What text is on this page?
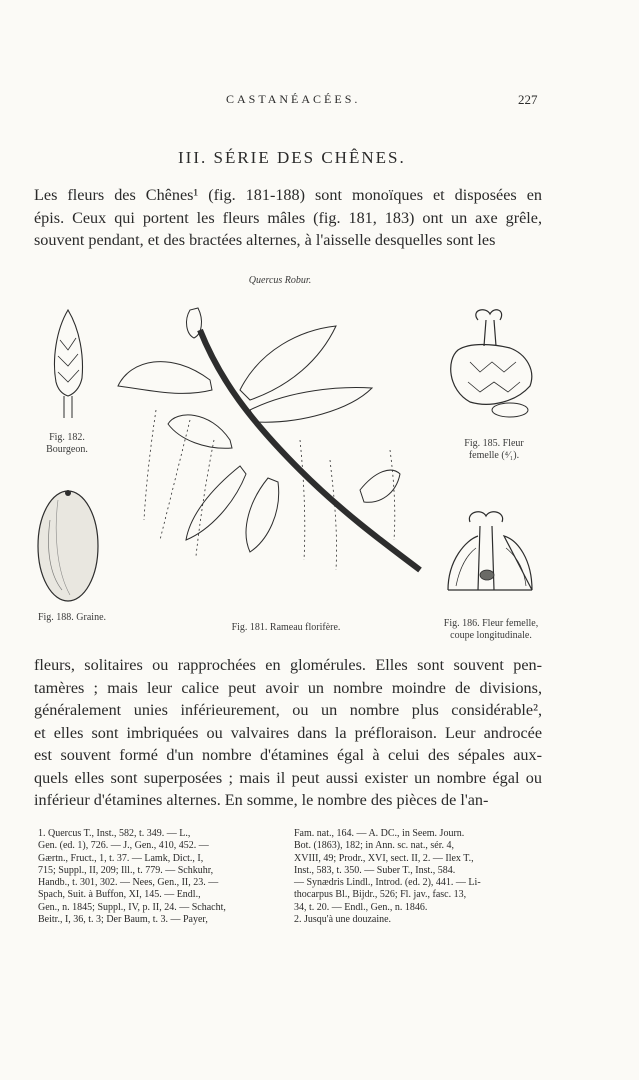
CASTANÉACÉES.	227
III. SÉRIE DES CHÊNES.
Les fleurs des Chênes¹ (fig. 181-188) sont monoïques et disposées en
épis. Ceux qui portent les fleurs mâles (fig. 181, 183) ont un axe grêle,
souvent pendant, et des bractées alternes, à l'aisselle desquelles sont les
Quercus Robur.
Fig. 182.
Bourgeon.
Fig. 185. Fleur
femelle (⁴⁄₁).
Fig. 188. Graine.
Fig. 181. Rameau florifère.	Fig. 186. Fleur femelle,
coupe longitudinale.
fleurs, solitaires ou rapprochées en glomérules. Elles sont souvent pen-
tamères ; mais leur calice peut avoir un nombre moindre de divisions,
généralement unies inférieurement, ou un nombre plus considérable²,
et elles sont imbriquées ou valvaires dans la préfloraison. Leur androcée
est souvent formé d'un nombre d'étamines égal à celui des sépales aux-
quels elles sont superposées ; mais il peut aussi exister un nombre égal ou
inférieur d'étamines alternes. En somme, le nombre des pièces de l'an-
1. Quercus T., Inst., 582, t. 349. — L.,
Gen. (ed. 1), 726. — J., Gen., 410, 452. —
Gærtn., Fruct., 1, t. 37. — Lamk, Dict., I,
715; Suppl., II, 209; Ill., t. 779. — Schkuhr,
Handb., t. 301, 302. — Nees, Gen., II, 23. —
Spach, Suit. à Buffon, XI, 145. — Endl.,
Gen., n. 1845; Suppl., IV, p. II, 24. — Schacht,
Beitr., I, 36, t. 3; Der Baum, t. 3. — Payer,
Fam. nat., 164. — A. DC., in Seem. Journ.
Bot. (1863), 182; in Ann. sc. nat., sér. 4,
XVIII, 49; Prodr., XVI, sect. II, 2. — Ilex T.,
Inst., 583, t. 350. — Suber T., Inst., 584.
— Synædris Lindl., Introd. (ed. 2), 441. — Li-
thocarpus Bl., Bijdr., 526; Fl. jav., fasc. 13,
34, t. 20. — Endl., Gen., n. 1846.
2. Jusqu'à une douzaine.
